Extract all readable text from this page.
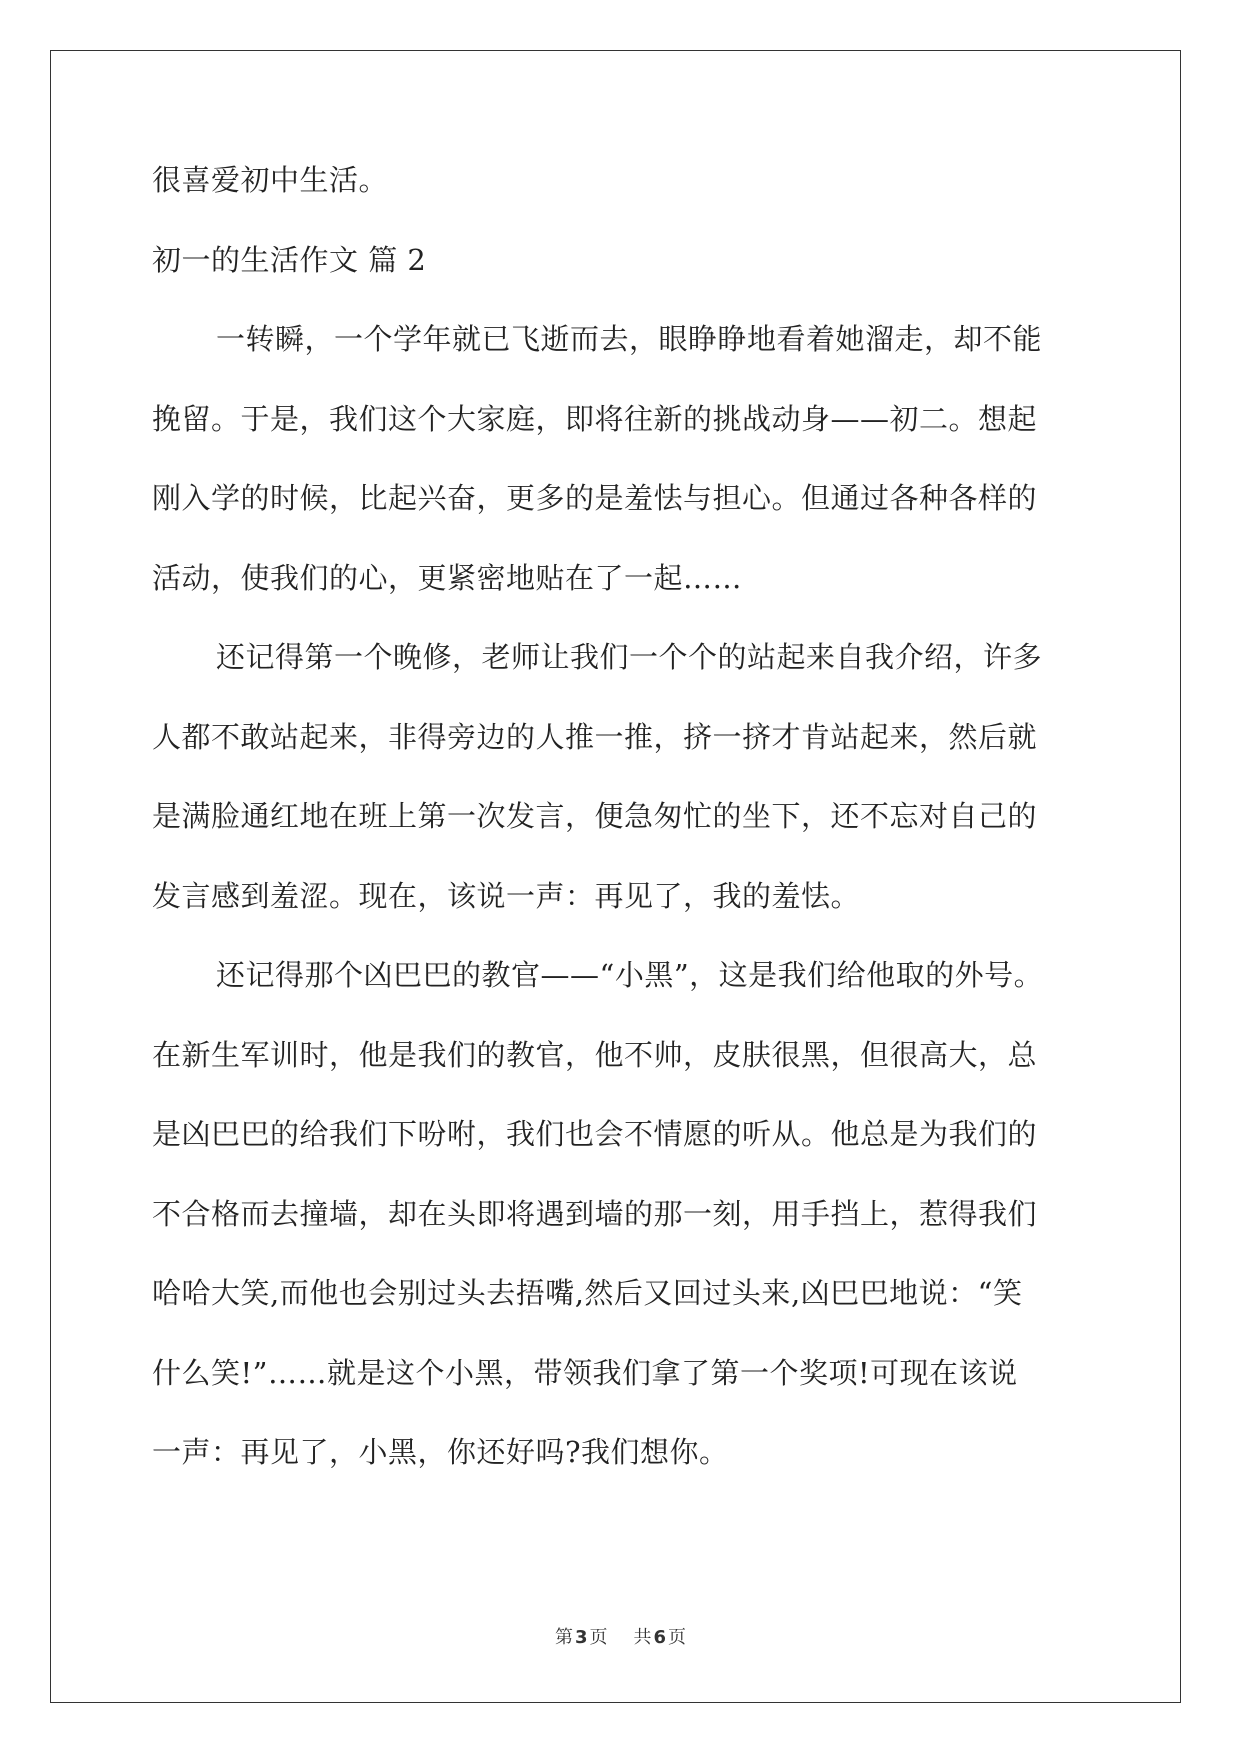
很喜爱初中生活。
初一的生活作文 篇 2
一转瞬，一个学年就已飞逝而去，眼睁睁地看着她溜走，却不能
挽留。于是，我们这个大家庭，即将往新的挑战动身——初二。想起
刚入学的时候，比起兴奋，更多的是羞怯与担心。但通过各种各样的
活动，使我们的心，更紧密地贴在了一起……
还记得第一个晚修，老师让我们一个个的站起来自我介绍，许多
人都不敢站起来，非得旁边的人推一推，挤一挤才肯站起来，然后就
是满脸通红地在班上第一次发言，便急匆忙的坐下，还不忘对自己的
发言感到羞涩。现在，该说一声：再见了，我的羞怯。
还记得那个凶巴巴的教官——“小黑”，这是我们给他取的外号。
在新生军训时，他是我们的教官，他不帅，皮肤很黑，但很高大，总
是凶巴巴的给我们下吩咐，我们也会不情愿的听从。他总是为我们的
不合格而去撞墙，却在头即将遇到墙的那一刻，用手挡上，惹得我们
哈哈大笑,而他也会别过头去捂嘴,然后又回过头来,凶巴巴地说：“笑
什么笑!”……就是这个小黑，带领我们拿了第一个奖项!可现在该说
一声：再见了，小黑，你还好吗?我们想你。
第 3 页 共 6 页
